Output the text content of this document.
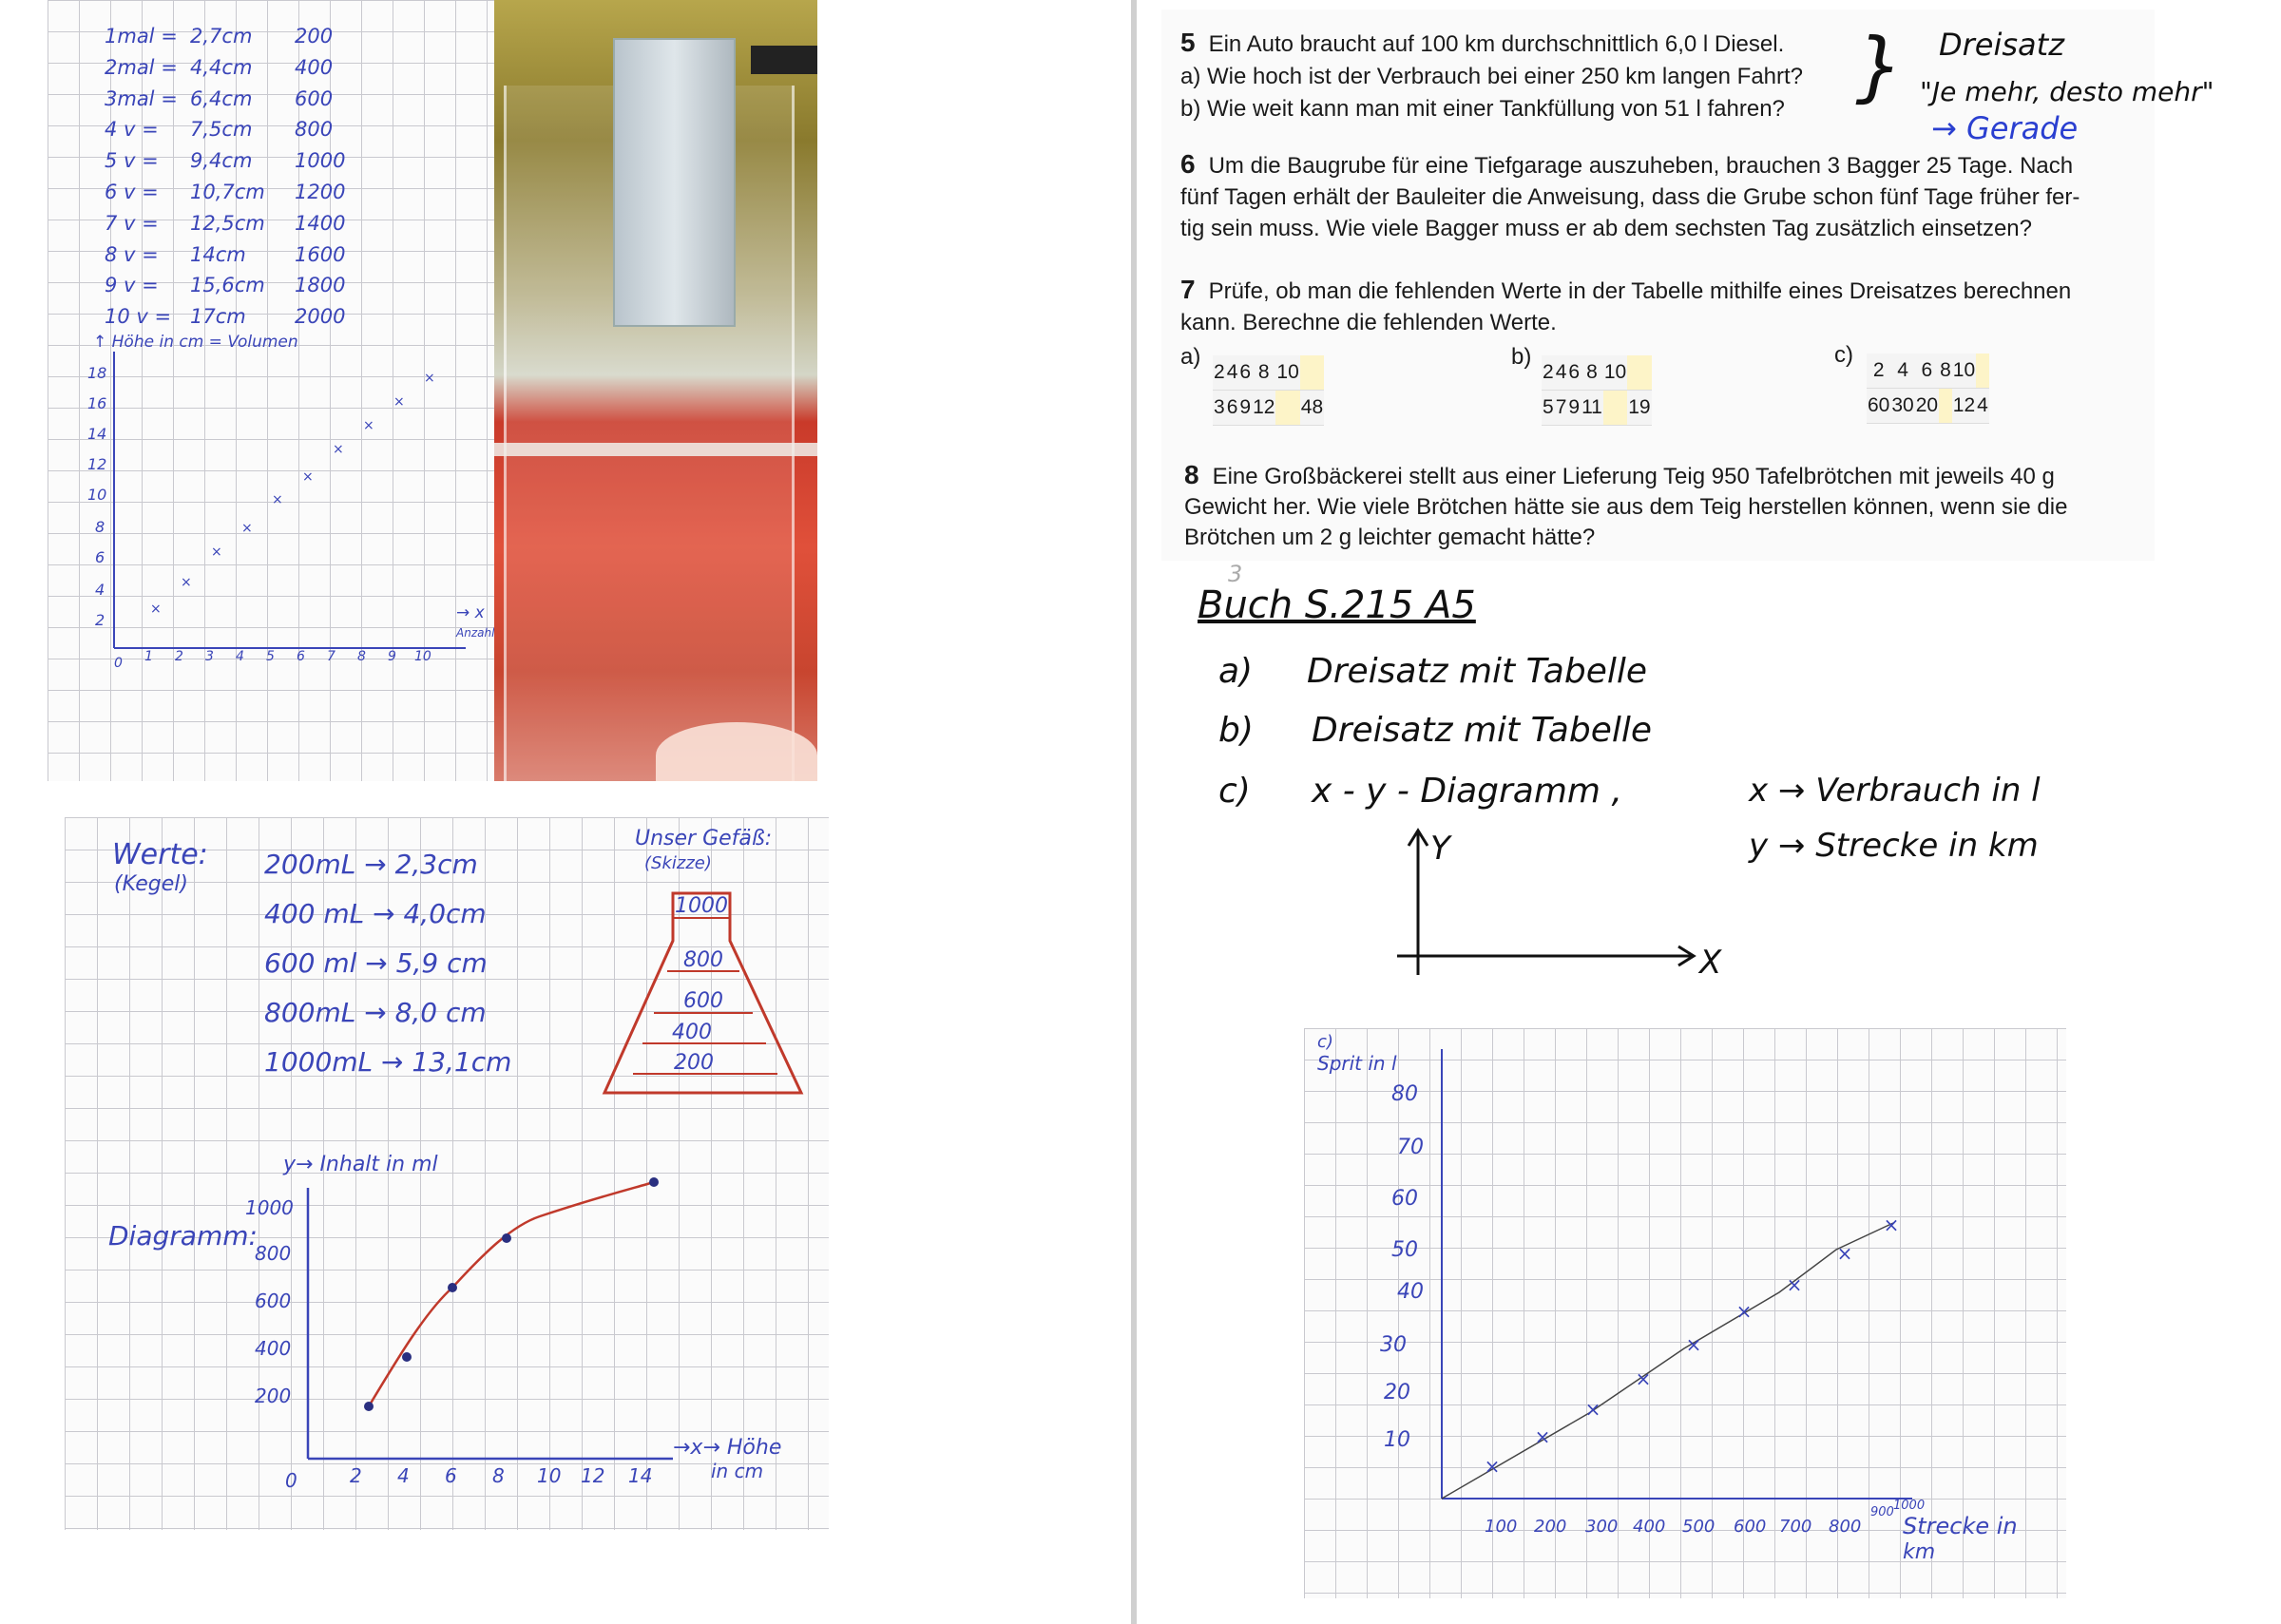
1mal = 2,7cm	200
2mal = 4,4cm	400
3mal = 6,4cm	600
4 v =	7,5cm	800
5 v =	9,4cm	1000
6 v =	10,7cm	1200
7 v =	12,5cm	1400
8 v =	14cm	1600
9 v =	15,6cm	1800
10 v = 17cm	2000
↑ Höhe in cm = Volumen
18
16
14
12
10
8
6
4
2
0 1 2 3 4 5 6 7 8 9 10
→ x
Anzahl
×
×
×
×
×
×
×
×
×
×
Werte:
(Kegel)
200mL → 2,3cm
400 mL → 4,0cm
600 ml → 5,9 cm
800mL → 8,0 cm
1000mL → 13,1cm
Unser Gefäß:
(Skizze)
1000
800
600
400
200
Diagramm:
y→ Inhalt in ml
1000
800
600
400
200
0	2 4 6 8 10 12 14
→x→ Höhe
in cm
5 Ein Auto braucht auf 100 km durchschnittlich 6,0 l Diesel.
a) Wie hoch ist der Verbrauch bei einer 250 km langen Fahrt?
b) Wie weit kann man mit einer Tankfüllung von 51 l fahren?
6 Um die Baugrube für eine Tiefgarage auszuheben, brauchen 3 Bagger 25 Tage. Nach
fünf Tagen erhält der Bauleiter die Anweisung, dass die Grube schon fünf Tage früher fer-
tig sein muss. Wie viele Bagger muss er ab dem sechsten Tag zusätzlich einsetzen?
7 Prüfe, ob man die fehlenden Werte in der Tabelle mithilfe eines Dreisatzes berechnen
kann. Berechne die fehlenden Werte.
a)
2	4	6	8	10	
3	6	9	12		48
b)
2	4	6	8	10	
5	7	9	11		19
c)
2	4	6	8	10	
60	30	20		12	4
8 Eine Großbäckerei stellt aus einer Lieferung Teig 950 Tafelbrötchen mit jeweils 40 g
Gewicht her. Wie viele Brötchen hätte sie aus dem Teig herstellen können, wenn sie die
Brötchen um 2 g leichter gemacht hätte?
} Dreisatz
"Je mehr, desto mehr"
→ Gerade
3
Buch S.215 A5
a) Dreisatz mit Tabelle
b) Dreisatz mit Tabelle
c) x - y - Diagramm ,	x → Verbrauch in l
y → Strecke in km
Y
X
c)
Sprit in l
80
70
60
50
40
30
20
10
100 200 300 400 500 600 700 800
900 1000
Strecke in
km
×
×
×
×
×
×
×
×
×
